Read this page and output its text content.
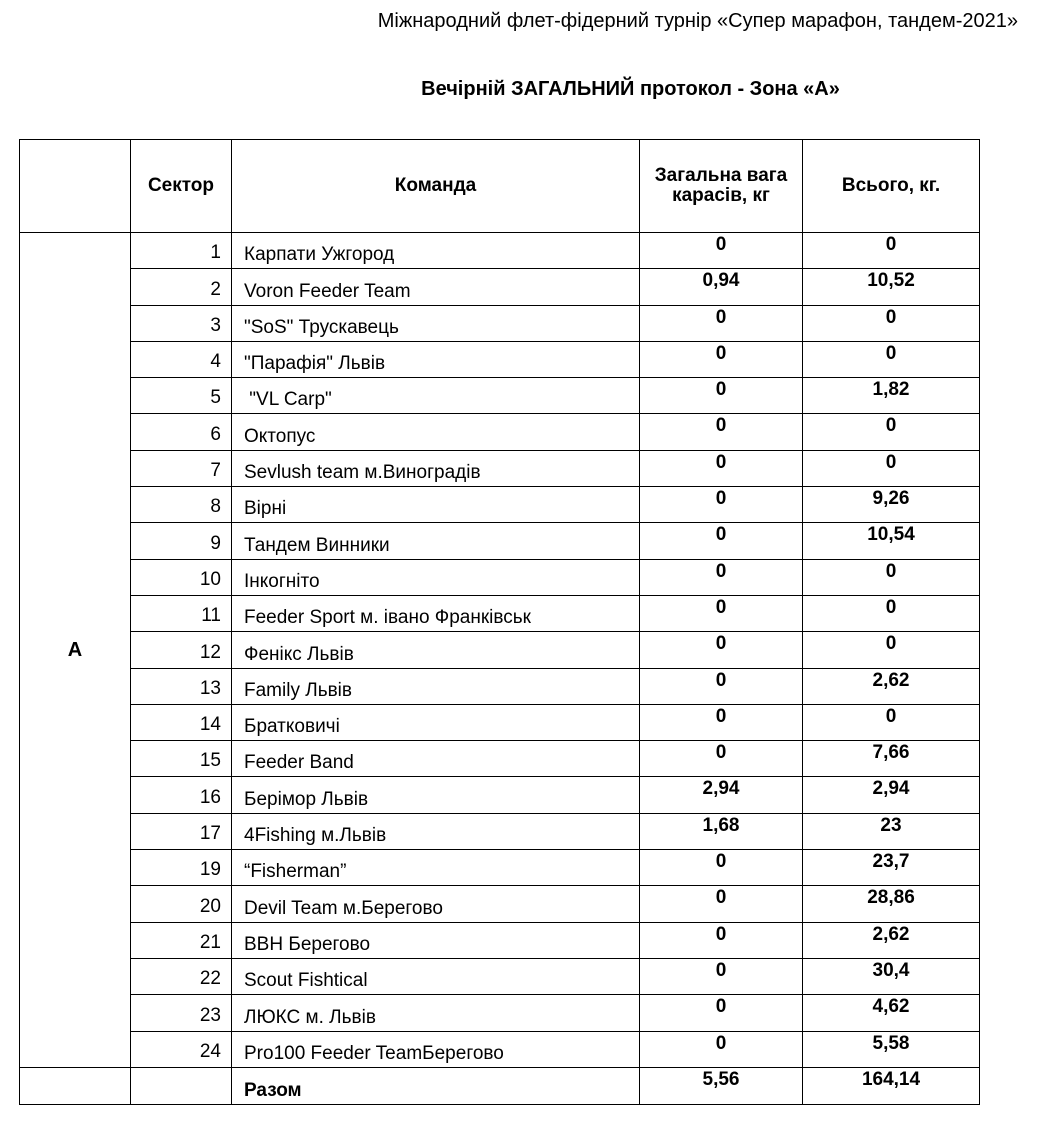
Міжнародний флет-фідерний турнір «Супер марафон, тандем-2021»
Вечірній ЗАГАЛЬНИЙ протокол - Зона «А»
	Сектор	Команда	Загальна вага карасів, кг	Всього, кг.
А	1	Карпати Ужгород	0	0
	2	Voron Feeder Team	0,94	10,52
	3	"SoS" Трускавець	0	0
	4	"Парафія" Львів	0	0
	5	"VL Carp"	0	1,82
	6	Октопус	0	0
	7	Sevlush team м.Виноградів	0	0
	8	Вірні	0	9,26
	9	Тандем Винники	0	10,54
	10	Інкогніто	0	0
	11	Feeder Sport м. івано Франківськ	0	0
	12	Фенікс Львів	0	0
	13	Family Львів	0	2,62
	14	Братковичі	0	0
	15	Feeder Band	0	7,66
	16	Берімор Львів	2,94	2,94
	17	4Fishing м.Львів	1,68	23
	19	“Fisherman”	0	23,7
	20	Devil Team м.Берегово	0	28,86
	21	ВВН Берегово	0	2,62
	22	Scout Fishtical	0	30,4
	23	ЛЮКС м. Львів	0	4,62
	24	Pro100 Feeder TeamБерегово	0	5,58
		Разом	5,56	164,14
